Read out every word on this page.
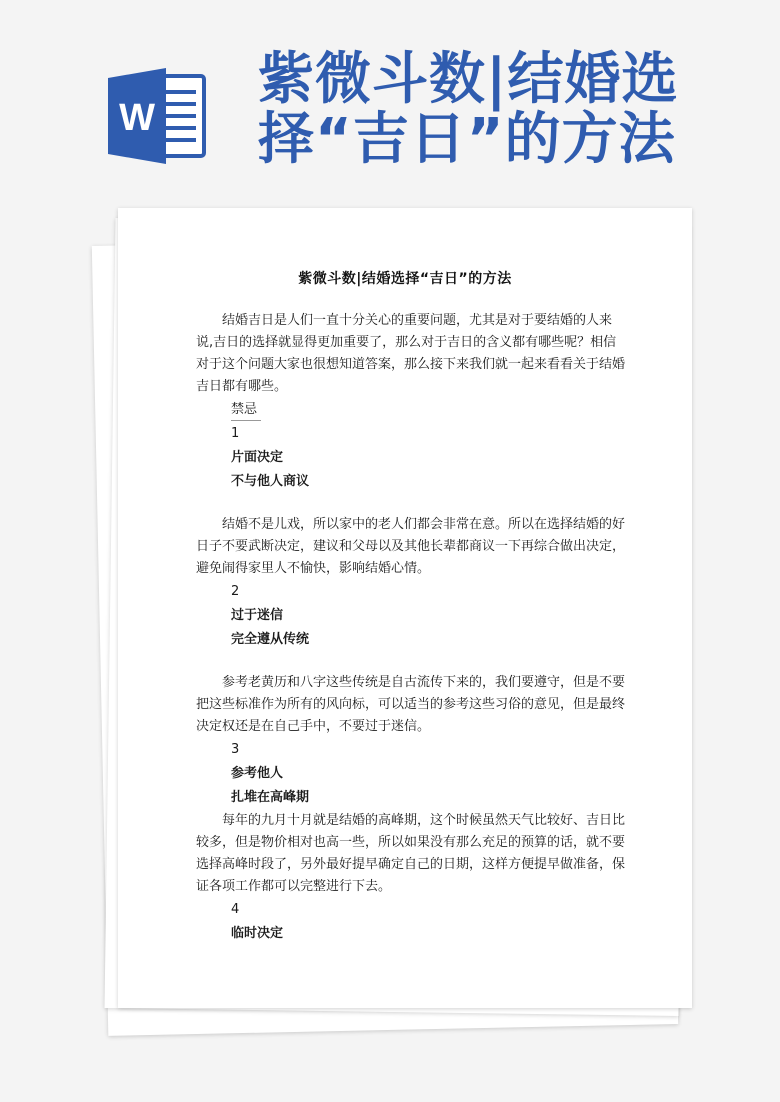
W
紫微斗数|结婚选
择“吉日”的方法
紫微斗数|结婚选择“吉日”的方法

结婚吉日是人们一直十分关心的重要问题，尤其是对于要结婚的人来说,吉日的选择就显得更加重要了，那么对于吉日的含义都有哪些呢？相信对于这个问题大家也很想知道答案，那么接下来我们就一起来看看关于结婚吉日都有哪些。

禁忌

1

片面决定

不与他人商议

结婚不是儿戏，所以家中的老人们都会非常在意。所以在选择结婚的好日子不要武断决定，建议和父母以及其他长辈都商议一下再综合做出决定，避免闹得家里人不愉快，影响结婚心情。

2

过于迷信

完全遵从传统

参考老黄历和八字这些传统是自古流传下来的，我们要遵守，但是不要把这些标准作为所有的风向标，可以适当的参考这些习俗的意见，但是最终决定权还是在自己手中，不要过于迷信。

3

参考他人

扎堆在高峰期

每年的九月十月就是结婚的高峰期，这个时候虽然天气比较好、吉日比较多，但是物价相对也高一些，所以如果没有那么充足的预算的话，就不要选择高峰时段了，另外最好提早确定自己的日期，这样方便提早做准备，保证各项工作都可以完整进行下去。

4

临时决定
